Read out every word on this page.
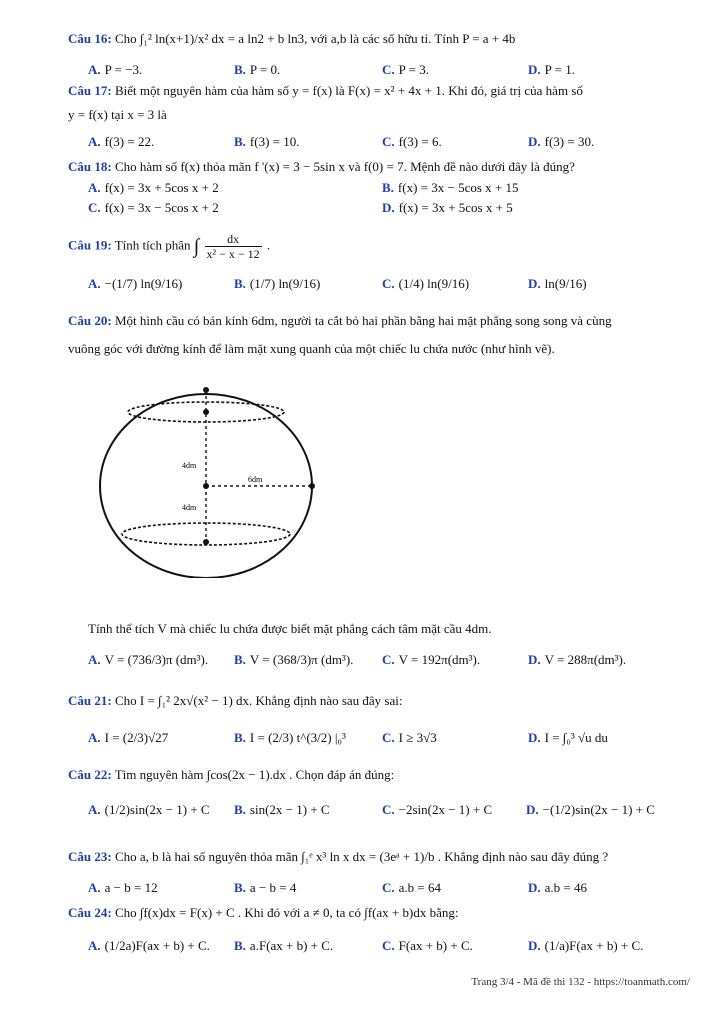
Câu 16: Cho ∫₁² ln(x+1)/x² dx = a ln2 + b ln3, với a,b là các số hữu tỉ. Tính P = a + 4b
A. P = −3.	B. P = 0.	C. P = 3.	D. P = 1.
Câu 17: Biết một nguyên hàm của hàm số y = f(x) là F(x) = x² + 4x + 1. Khi đó, giá trị của hàm số
y = f(x) tại x = 3 là
A. f(3) = 22.	B. f(3) = 10.	C. f(3) = 6.	D. f(3) = 30.
Câu 18: Cho hàm số f(x) thỏa mãn f '(x) = 3 − 5sin x và f(0) = 7. Mệnh đề nào dưới đây là đúng?
A. f(x) = 3x + 5cos x + 2	B. f(x) = 3x − 5cos x + 15
C. f(x) = 3x − 5cos x + 2	D. f(x) = 3x + 5cos x + 5
Câu 19: Tính tích phân ∫ $\frac{dx}{\text{x² − x − 12}}$ .
A. −(1/7) ln(9/16)	B. (1/7) ln(9/16)	C. (1/4) ln(9/16)	D. ln(9/16)
Câu 20: Một hình cầu có bán kính 6dm, người ta cắt bỏ hai phần bằng hai mặt phẳng song song và cùng
vuông góc với đường kính để làm mặt xung quanh của một chiếc lu chứa nước (như hình vẽ).
4dm
6dm
4dm
Tính thể tích V mà chiếc lu chứa được biết mặt phẳng cách tâm mặt cầu 4dm.
A. V = (736/3)π (dm³). B. V = (368/3)π (dm³). C. V = 192π(dm³).	D. V = 288π(dm³).
Câu 21: Cho I = ∫₁² 2x√(x² − 1) dx. Khẳng định nào sau đây sai:
A. I = (2/3)√27	B. I = (2/3) t^(3/2) |₀³	C. I ≥ 3√3	D. I = ∫₀³ √u du
Câu 22: Tìm nguyên hàm ∫cos(2x − 1).dx . Chọn đáp án đúng:
A. (1/2)sin(2x − 1) + C B. sin(2x − 1) + C	C. −2sin(2x − 1) + C	D. −(1/2)sin(2x − 1) + C
Câu 23: Cho a, b là hai số nguyên thỏa mãn ∫₁ᵉ x³ ln x dx = (3eᵃ + 1)/b . Khẳng định nào sau đây đúng ?
A. a − b = 12	B. a − b = 4	C. a.b = 64	D. a.b = 46
Câu 24: Cho ∫f(x)dx = F(x) + C . Khi đó với a ≠ 0, ta có ∫f(ax + b)dx bằng:
A. (1/2a)F(ax + b) + C. B. a.F(ax + b) + C.	C. F(ax + b) + C.	D. (1/a)F(ax + b) + C.
Trang 3/4 - Mã đề thi 132 - https://toanmath.com/
